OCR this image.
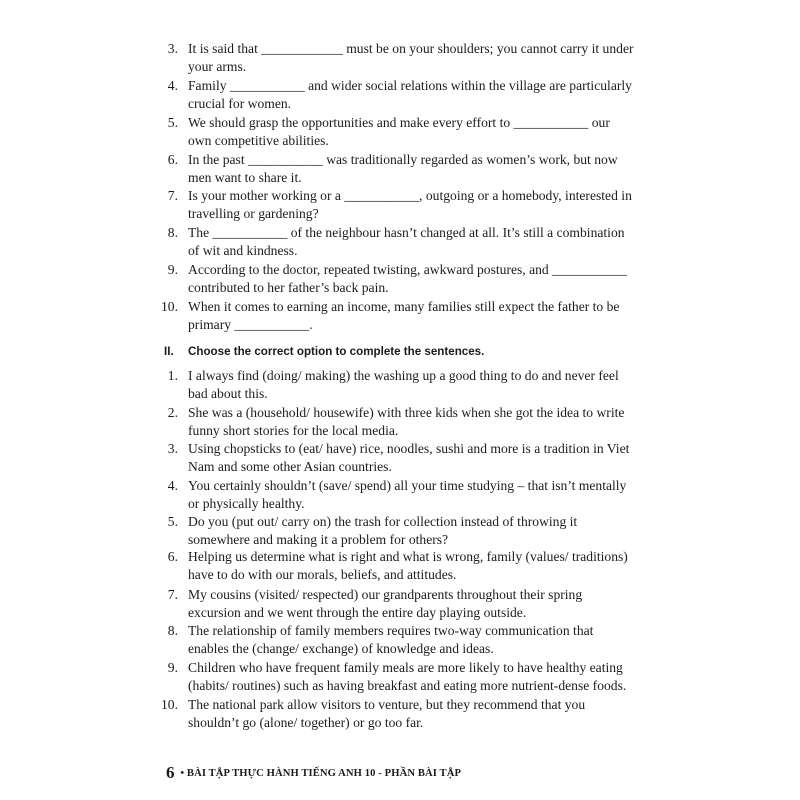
3. It is said that ____________ must be on your shoulders; you cannot carry it under your arms.
4. Family ___________ and wider social relations within the village are particularly crucial for women.
5. We should grasp the opportunities and make every effort to ___________ our own competitive abilities.
6. In the past ___________ was traditionally regarded as women’s work, but now men want to share it.
7. Is your mother working or a ___________, outgoing or a homebody, interested in travelling or gardening?
8. The ___________ of the neighbour hasn’t changed at all. It’s still a combination of wit and kindness.
9. According to the doctor, repeated twisting, awkward postures, and ___________ contributed to her father’s back pain.
10. When it comes to earning an income, many families still expect the father to be primary ___________.
II. Choose the correct option to complete the sentences.
1. I always find (doing/ making) the washing up a good thing to do and never feel bad about this.
2. She was a (household/ housewife) with three kids when she got the idea to write funny short stories for the local media.
3. Using chopsticks to (eat/ have) rice, noodles, sushi and more is a tradition in Viet Nam and some other Asian countries.
4. You certainly shouldn’t (save/ spend) all your time studying – that isn’t mentally or physically healthy.
5. Do you (put out/ carry on) the trash for collection instead of throwing it somewhere and making it a problem for others?
6. Helping us determine what is right and what is wrong, family (values/ traditions) have to do with our morals, beliefs, and attitudes.
7. My cousins (visited/ respected) our grandparents throughout their spring excursion and we went through the entire day playing outside.
8. The relationship of family members requires two-way communication that enables the (change/ exchange) of knowledge and ideas.
9. Children who have frequent family meals are more likely to have healthy eating (habits/ routines) such as having breakfast and eating more nutrient-dense foods.
10. The national park allow visitors to venture, but they recommend that you shouldn’t go (alone/ together) or go too far.
6 • BÀI TẬP THỰC HÀNH TIẾNG ANH 10 - PHẦN BÀI TẬP
